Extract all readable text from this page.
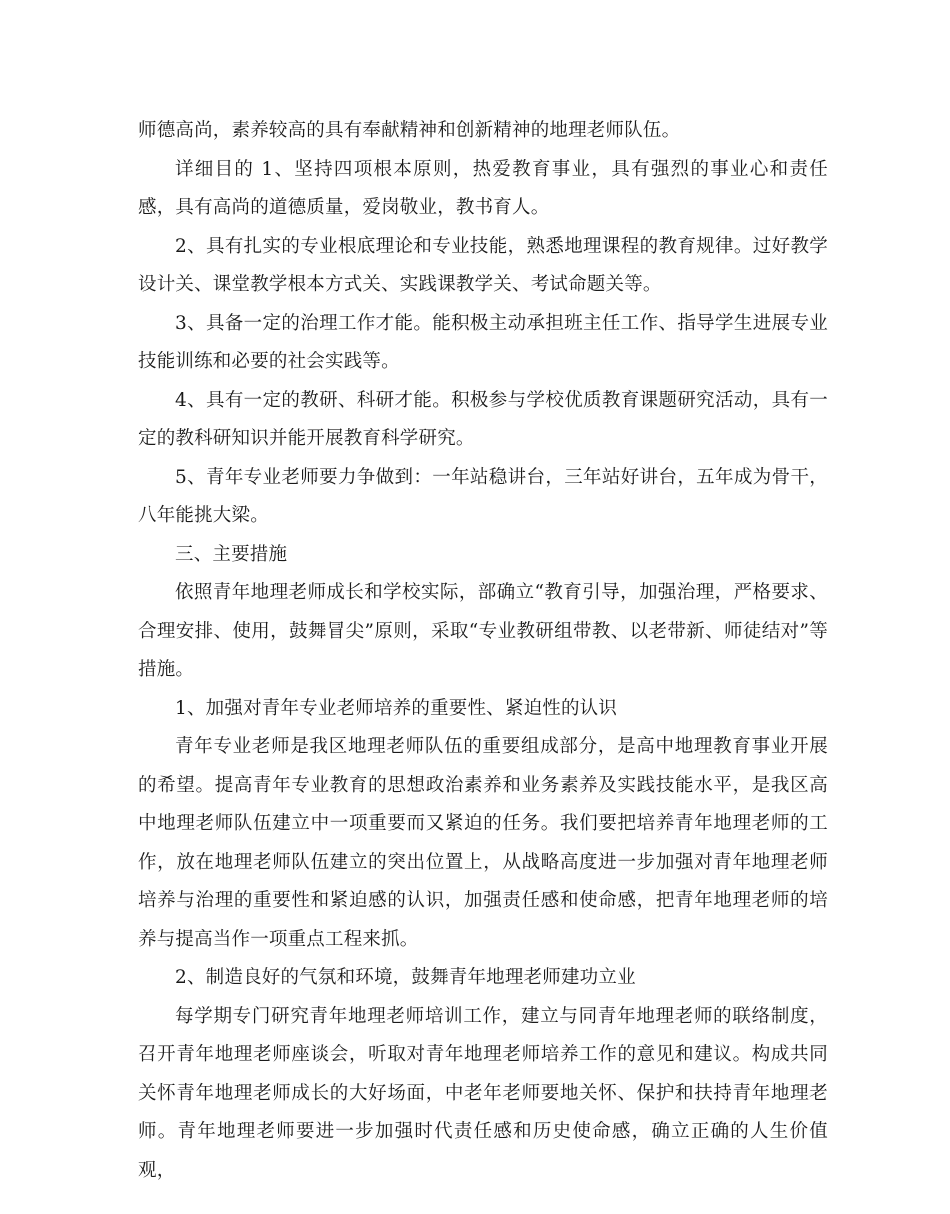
师德高尚，素养较高的具有奉献精神和创新精神的地理老师队伍。

详细目的 1、坚持四项根本原则，热爱教育事业，具有强烈的事业心和责任感，具有高尚的道德质量，爱岗敬业，教书育人。

2、具有扎实的专业根底理论和专业技能，熟悉地理课程的教育规律。过好教学设计关、课堂教学根本方式关、实践课教学关、考试命题关等。

3、具备一定的治理工作才能。能积极主动承担班主任工作、指导学生进展专业技能训练和必要的社会实践等。

4、具有一定的教研、科研才能。积极参与学校优质教育课题研究活动，具有一定的教科研知识并能开展教育科学研究。

5、青年专业老师要力争做到：一年站稳讲台，三年站好讲台，五年成为骨干，八年能挑大梁。

三、主要措施

依照青年地理老师成长和学校实际，部确立“教育引导，加强治理，严格要求、合理安排、使用，鼓舞冒尖”原则，采取“专业教研组带教、以老带新、师徒结对”等措施。

1、加强对青年专业老师培养的重要性、紧迫性的认识

青年专业老师是我区地理老师队伍的重要组成部分，是高中地理教育事业开展的希望。提高青年专业教育的思想政治素养和业务素养及实践技能水平，是我区高中地理老师队伍建立中一项重要而又紧迫的任务。我们要把培养青年地理老师的工作，放在地理老师队伍建立的突出位置上，从战略高度进一步加强对青年地理老师培养与治理的重要性和紧迫感的认识，加强责任感和使命感，把青年地理老师的培养与提高当作一项重点工程来抓。

2、制造良好的气氛和环境，鼓舞青年地理老师建功立业

每学期专门研究青年地理老师培训工作，建立与同青年地理老师的联络制度，召开青年地理老师座谈会，听取对青年地理老师培养工作的意见和建议。构成共同关怀青年地理老师成长的大好场面，中老年老师要地关怀、保护和扶持青年地理老师。青年地理老师要进一步加强时代责任感和历史使命感，确立正确的人生价值观，
